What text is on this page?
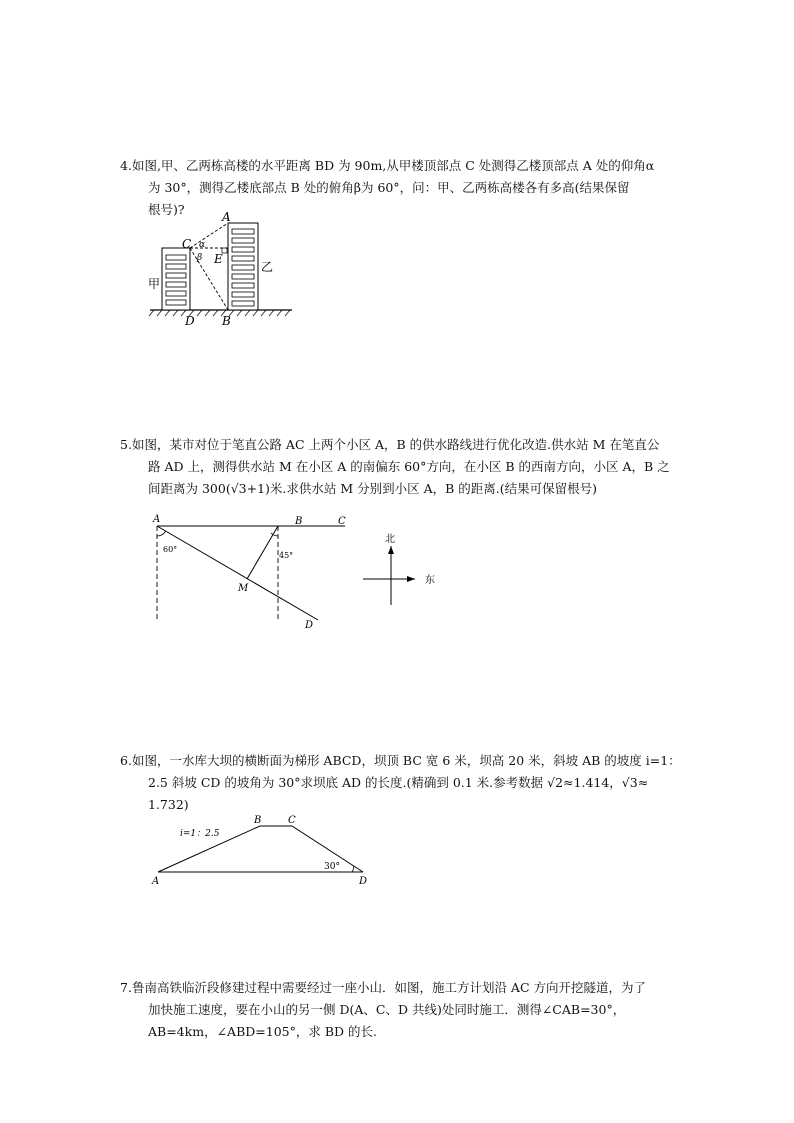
4.如图,甲、乙两栋高楼的水平距离 BD 为 90m,从甲楼顶部点 C 处测得乙楼顶部点 A 处的仰角α

为 30°，测得乙楼底部点 B 处的俯角β为 60°，问：甲、乙两栋高楼各有多高(结果保留

根号)?	A
C α
β E
D B
甲
乙

5.如图，某市对位于笔直公路 AC 上两个小区 A，B 的供水路线进行优化改造.供水站 M 在笔直公

路 AD 上，测得供水站 M 在小区 A 的南偏东 60°方向，在小区 B 的西南方向，小区 A，B 之

间距离为 300(√3+1)米.求供水站 M 分别到小区 A，B 的距离.(结果可保留根号)

A	B	C
M
D
60°
45°
北
东

6.如图，一水库大坝的横断面为梯形 ABCD，坝顶 BC 宽 6 米，坝高 20 米，斜坡 AB 的坡度 i=1：

2.5 斜坡 CD 的坡角为 30°求坝底 AD 的长度.(精确到 0.1 米.参考数据 √2≈1.414，√3≈

1.732)

A
B	C
D
i=1：2.5
30°

7.鲁南高铁临沂段修建过程中需要经过一座小山．如图，施工方计划沿 AC 方向开挖隧道，为了

加快施工速度，要在小山的另一侧 D(A、C、D 共线)处同时施工．测得∠CAB=30°，

AB=4km，∠ABD=105°，求 BD 的长.
